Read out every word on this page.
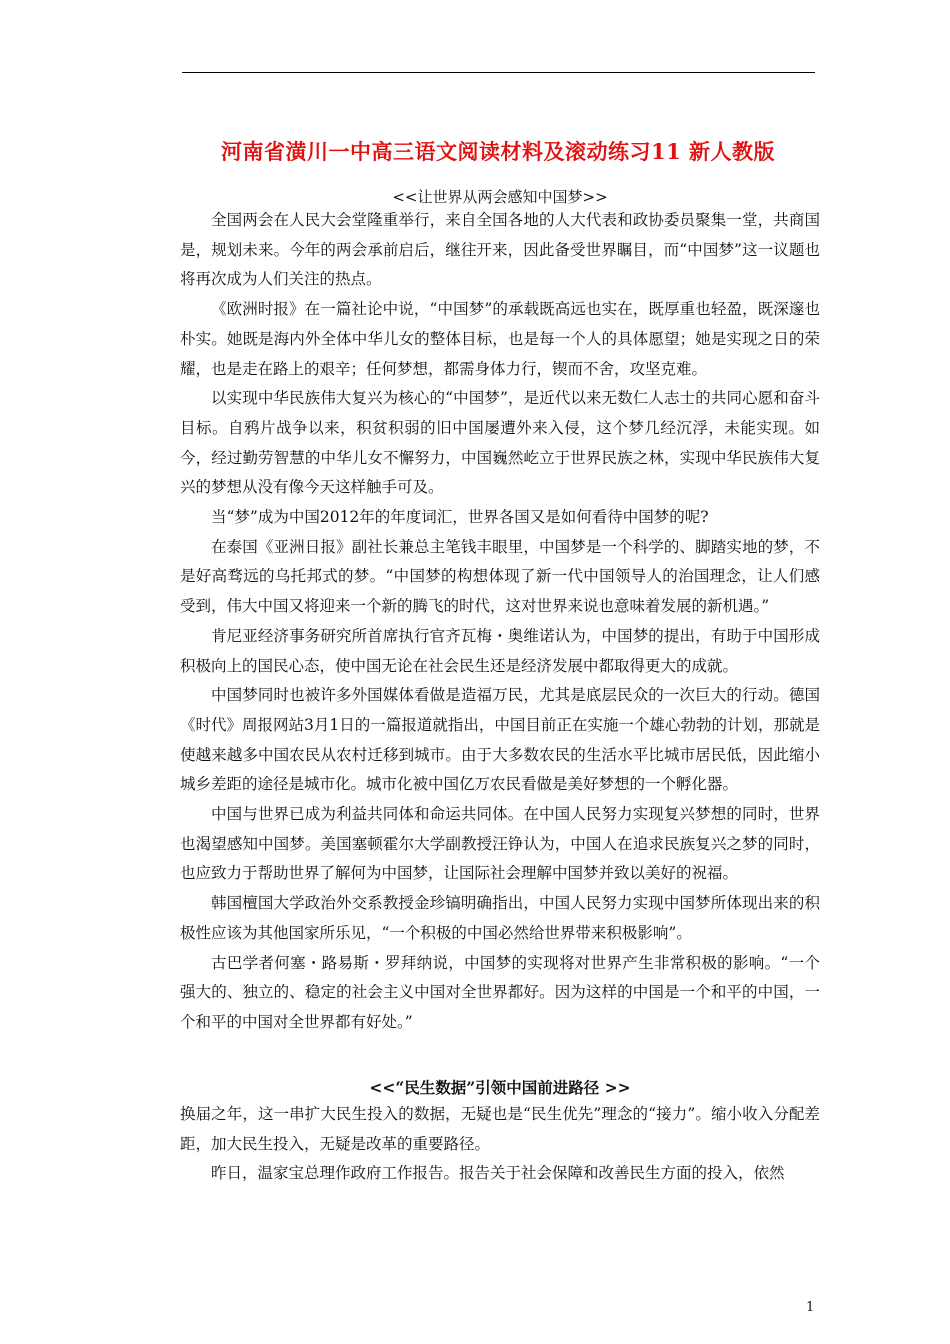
河南省潢川一中高三语文阅读材料及滚动练习11 新人教版
<<让世界从两会感知中国梦>>

全国两会在人民大会堂隆重举行，来自全国各地的人大代表和政协委员聚集一堂，共商国是，规划未来。今年的两会承前启后，继往开来，因此备受世界瞩目，而“中国梦”这一议题也将再次成为人们关注的热点。

《欧洲时报》在一篇社论中说，“中国梦”的承载既高远也实在，既厚重也轻盈，既深邃也朴实。她既是海内外全体中华儿女的整体目标，也是每一个人的具体愿望；她是实现之日的荣耀，也是走在路上的艰辛；任何梦想，都需身体力行，锲而不舍，攻坚克难。

以实现中华民族伟大复兴为核心的“中国梦”，是近代以来无数仁人志士的共同心愿和奋斗目标。自鸦片战争以来，积贫积弱的旧中国屡遭外来入侵，这个梦几经沉浮，未能实现。如今，经过勤劳智慧的中华儿女不懈努力，中国巍然屹立于世界民族之林，实现中华民族伟大复兴的梦想从没有像今天这样触手可及。

当“梦”成为中国2012年的年度词汇，世界各国又是如何看待中国梦的呢?

在泰国《亚洲日报》副社长兼总主笔钱丰眼里，中国梦是一个科学的、脚踏实地的梦，不是好高骛远的乌托邦式的梦。“中国梦的构想体现了新一代中国领导人的治国理念，让人们感受到，伟大中国又将迎来一个新的腾飞的时代，这对世界来说也意味着发展的新机遇。”

肯尼亚经济事务研究所首席执行官齐瓦梅・奥维诺认为，中国梦的提出，有助于中国形成积极向上的国民心态，使中国无论在社会民生还是经济发展中都取得更大的成就。

中国梦同时也被许多外国媒体看做是造福万民，尤其是底层民众的一次巨大的行动。德国《时代》周报网站3月1日的一篇报道就指出，中国目前正在实施一个雄心勃勃的计划，那就是使越来越多中国农民从农村迁移到城市。由于大多数农民的生活水平比城市居民低，因此缩小城乡差距的途径是城市化。城市化被中国亿万农民看做是美好梦想的一个孵化器。

中国与世界已成为利益共同体和命运共同体。在中国人民努力实现复兴梦想的同时，世界也渴望感知中国梦。美国塞顿霍尔大学副教授汪铮认为，中国人在追求民族复兴之梦的同时，也应致力于帮助世界了解何为中国梦，让国际社会理解中国梦并致以美好的祝福。

韩国檀国大学政治外交系教授金珍镐明确指出，中国人民努力实现中国梦所体现出来的积极性应该为其他国家所乐见，“一个积极的中国必然给世界带来积极影响”。

古巴学者何塞・路易斯・罗拜纳说，中国梦的实现将对世界产生非常积极的影响。“一个强大的、独立的、稳定的社会主义中国对全世界都好。因为这样的中国是一个和平的中国，一个和平的中国对全世界都有好处。”

<<“民生数据”引领中国前进路径 >>

换届之年，这一串扩大民生投入的数据，无疑也是“民生优先”理念的“接力”。缩小收入分配差距，加大民生投入，无疑是改革的重要路径。

昨日，温家宝总理作政府工作报告。报告关于社会保障和改善民生方面的投入，依然

1
